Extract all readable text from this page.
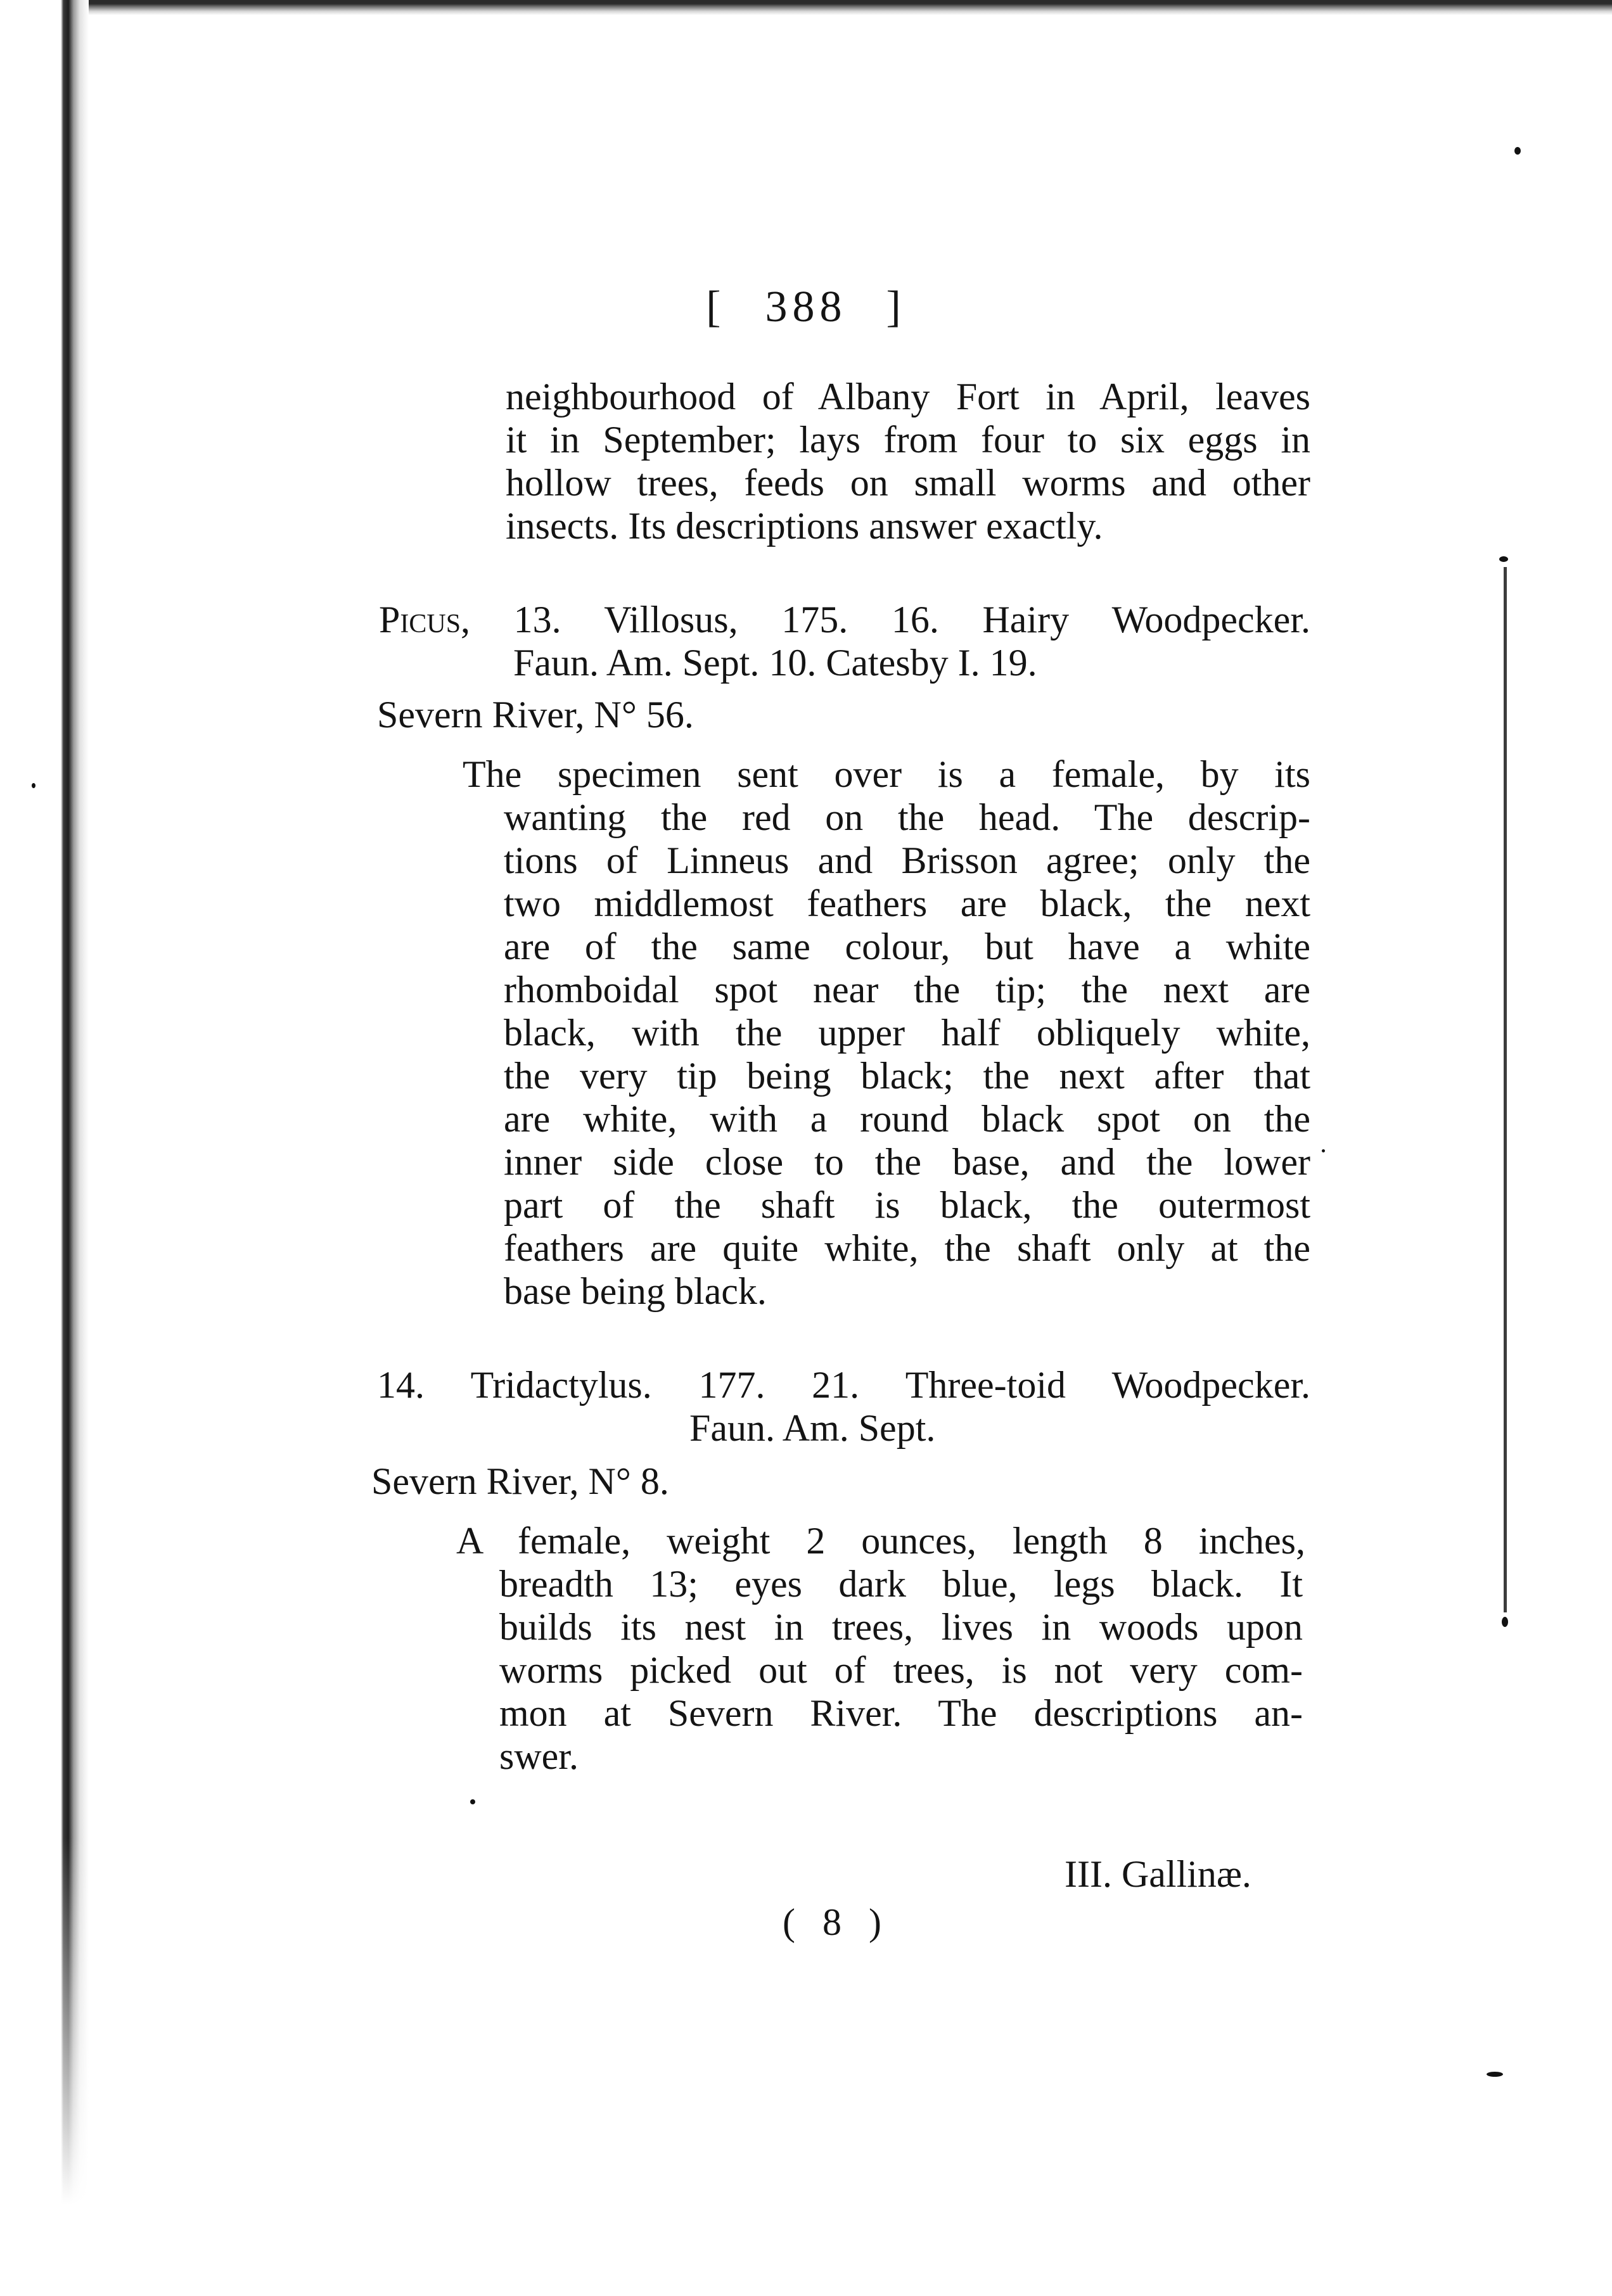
[ 388 ]
neighbourhood of Albany Fort in April, leaves
it in September; lays from four to six eggs in
hollow trees, feeds on small worms and other
insects. Its descriptions answer exactly.
Picus, 13. Villosus, 175. 16. Hairy Woodpecker.
Faun. Am. Sept. 10. Catesby I. 19.
Severn River, N° 56.
The specimen sent over is a female, by its
wanting the red on the head. The descrip-
tions of Linneus and Brisson agree; only the
two middlemost feathers are black, the next
are of the same colour, but have a white
rhomboidal spot near the tip; the next are
black, with the upper half obliquely white,
the very tip being black; the next after that
are white, with a round black spot on the
inner side close to the base, and the lower
part of the shaft is black, the outermost
feathers are quite white, the shaft only at the
base being black.
14. Tridactylus. 177. 21. Three-toid Woodpecker.
Faun. Am. Sept.
Severn River, N° 8.
A female, weight 2 ounces, length 8 inches,
breadth 13; eyes dark blue, legs black. It
builds its nest in trees, lives in woods upon
worms picked out of trees, is not very com-
mon at Severn River. The descriptions an-
swer.
III. Gallinæ.
( 8 )
